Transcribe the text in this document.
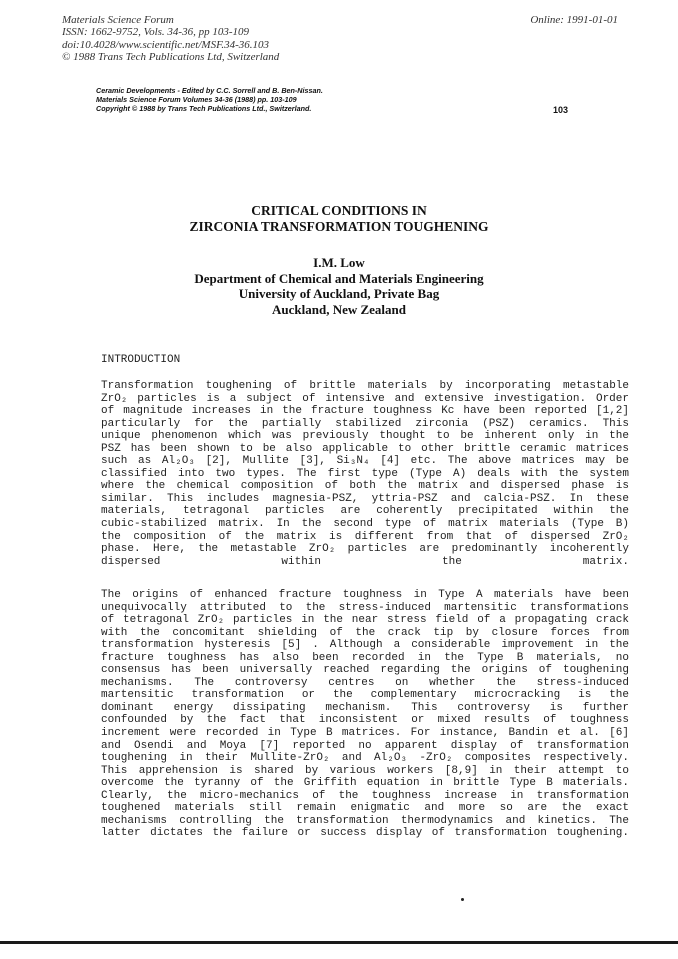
Materials Science Forum
ISSN: 1662-9752, Vols. 34-36, pp 103-109
doi:10.4028/www.scientific.net/MSF.34-36.103
© 1988 Trans Tech Publications Ltd, Switzerland
Online: 1991-01-01
Ceramic Developments - Edited by C.C. Sorrell and B. Ben-Nissan.
Materials Science Forum Volumes 34-36 (1988) pp. 103-109
Copyright © 1988 by Trans Tech Publications Ltd., Switzerland.	103
CRITICAL CONDITIONS IN
ZIRCONIA TRANSFORMATION TOUGHENING
I.M. Low
Department of Chemical and Materials Engineering
University of Auckland, Private Bag
Auckland, New Zealand
INTRODUCTION
Transformation toughening of brittle materials by incorporating metastable
ZrO₂ particles is a subject of intensive and extensive investigation. Order
of magnitude increases in the fracture toughness Kc have been reported [1,2]
particularly for the partially stabilized zirconia (PSZ) ceramics. This
unique phenomenon which was previously thought to be inherent only in the
PSZ has been shown to be also applicable to other brittle ceramic matrices
such as Al₂O₃ [2], Mullite [3], Si₃N₄ [4] etc. The above matrices may be
classified into two types. The first type (Type A) deals with the system
where the chemical composition of both the matrix and dispersed phase is
similar. This includes magnesia-PSZ, yttria-PSZ and calcia-PSZ. In these
materials, tetragonal particles are coherently precipitated within the
cubic-stabilized matrix. In the second type of matrix materials (Type B)
the composition of the matrix is different from that of dispersed ZrO₂
phase. Here, the metastable ZrO₂ particles are predominantly incoherently
dispersed within the matrix.
The origins of enhanced fracture toughness in Type A materials have been
unequivocally attributed to the stress-induced martensitic transformations
of tetragonal ZrO₂ particles in the near stress field of a propagating crack
with the concomitant shielding of the crack tip by closure forces from
transformation hysteresis [5] . Although a considerable improvement in the
fracture toughness has also been recorded in the Type B materials, no
consensus has been universally reached regarding the origins of toughening
mechanisms. The controversy centres on whether the stress-induced
martensitic transformation or the complementary microcracking is the
dominant energy dissipating mechanism. This controversy is further
confounded by the fact that inconsistent or mixed results of toughness
increment were recorded in Type B matrices. For instance, Bandin et al. [6]
and Osendi and Moya [7] reported no apparent display of transformation
toughening in their Mullite-ZrO₂ and Al₂O₃ -ZrO₂ composites respectively.
This apprehension is shared by various workers [8,9] in their attempt to
overcome the tyranny of the Griffith equation in brittle Type B materials.
Clearly, the micro-mechanics of the toughness increase in transformation
toughened materials still remain enigmatic and more so are the exact
mechanisms controlling the transformation thermodynamics and kinetics. The
latter dictates the failure or success display of transformation toughening.
